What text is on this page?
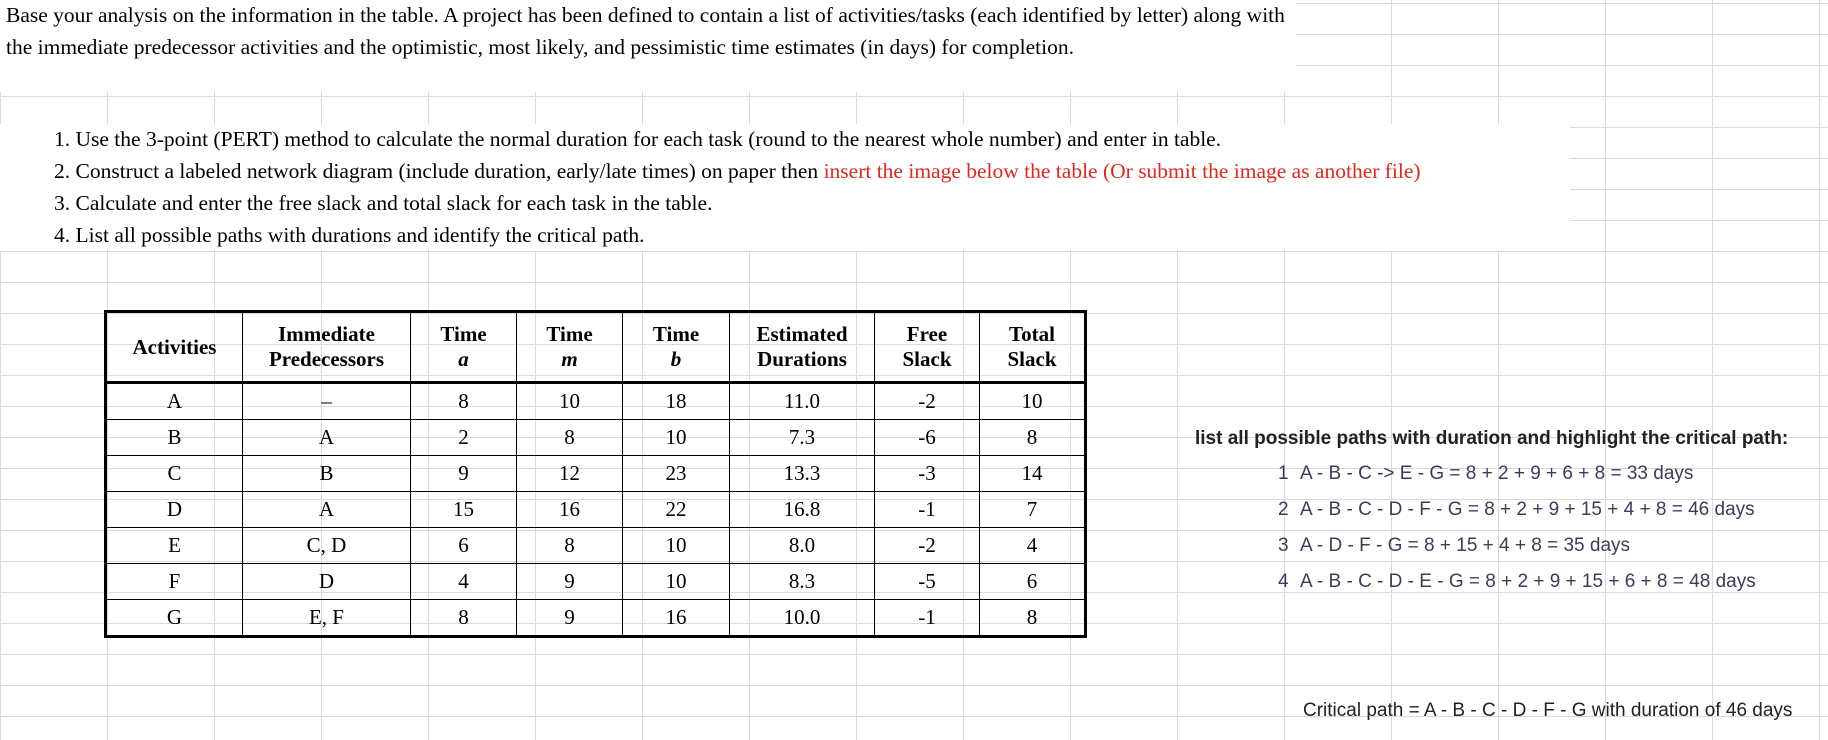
Base your analysis on the information in the table. A project has been defined to contain a list of activities/tasks (each identified by letter) along with the immediate predecessor activities and the optimistic, most likely, and pessimistic time estimates (in days) for completion.
1. Use the 3-point (PERT) method to calculate the normal duration for each task (round to the nearest whole number) and enter in table.
2. Construct a labeled network diagram (include duration, early/late times) on paper then insert the image below the table (Or submit the image as another file)
3. Calculate and enter the free slack and total slack for each task in the table.
4. List all possible paths with durations and identify the critical path.
Activities	Immediate	Time	Time	Time	Estimated	Free	Total
	Predecessors	a	m	b	Durations	Slack	Slack
A	–	8	10	18	11.0	-2	10
B	A	2	8	10	7.3	-6	8
C	B	9	12	23	13.3	-3	14
D	A	15	16	22	16.8	-1	7
E	C, D	6	8	10	8.0	-2	4
F	D	4	9	10	8.3	-5	6
G	E, F	8	9	16	10.0	-1	8
list all possible paths with duration and highlight the critical path:
1 A - B - C -> E - G = 8 + 2 + 9 + 6 + 8 = 33 days
2 A - B - C - D - F - G = 8 + 2 + 9 + 15 + 4 + 8 = 46 days
3 A - D - F - G = 8 + 15 + 4 + 8 = 35 days
4 A - B - C - D - E - G = 8 + 2 + 9 + 15 + 6 + 8 = 48 days
Critical path = A - B - C - D - F - G with duration of 46 days
